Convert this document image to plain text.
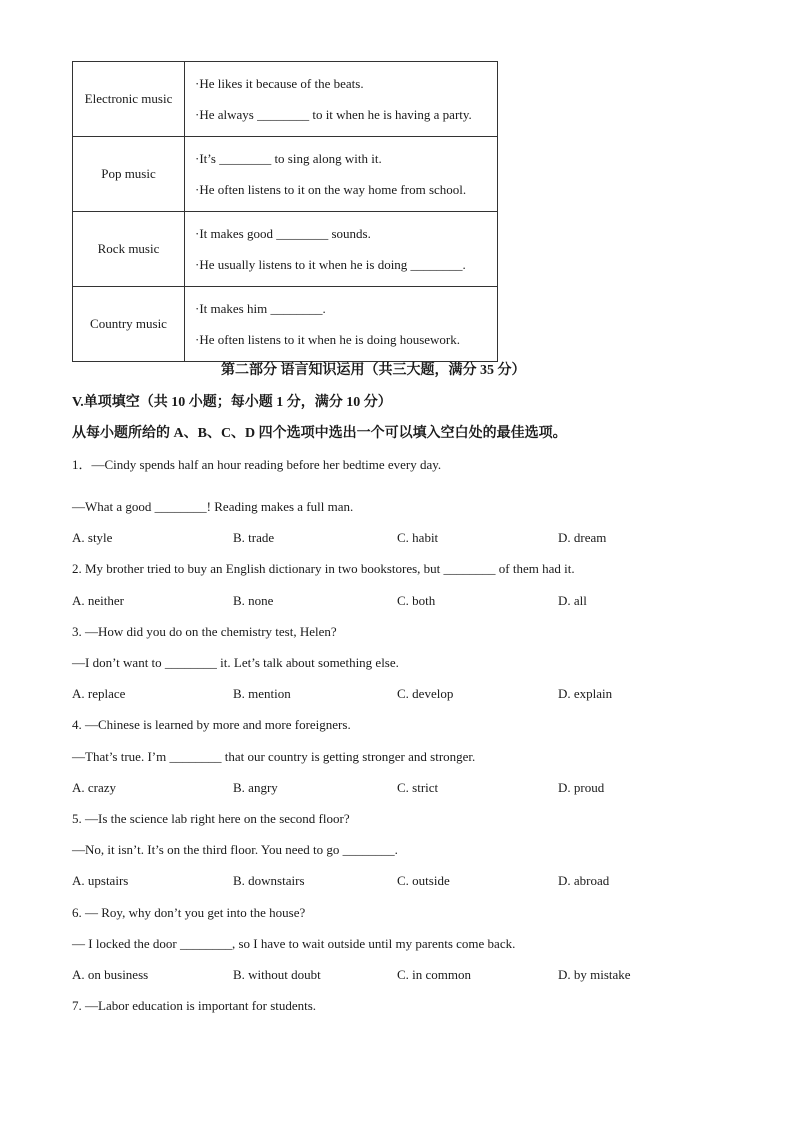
Electronic music	·He likes it because of the beats.
·He always ________ to it when he is having a party.

Pop music	·It’s ________ to sing along with it.
·He often listens to it on the way home from school.

Rock music	·It makes good ________ sounds.
·He usually listens to it when he is doing ________.

Country music	·It makes him ________.
·He often listens to it when he is doing housework.
第二部分 语言知识运用（共三大题，满分 35 分）
V.单项填空（共 10 小题；每小题 1 分，满分 10 分）
从每小题所给的 A、B、C、D 四个选项中选出一个可以填入空白处的最佳选项。
1．—Cindy spends half an hour reading before her bedtime every day.
—What a good ________! Reading makes a full man.
A. style	B. trade	C. habit	D. dream
2. My brother tried to buy an English dictionary in two bookstores, but ________ of them had it.
A. neither	B. none	C. both	D. all
3. —How did you do on the chemistry test, Helen?
—I don’t want to ________ it. Let’s talk about something else.
A. replace	B. mention	C. develop	D. explain
4. —Chinese is learned by more and more foreigners.
—That’s true. I’m ________ that our country is getting stronger and stronger.
A. crazy	B. angry	C. strict	D. proud
5. —Is the science lab right here on the second floor?
—No, it isn’t. It’s on the third floor. You need to go ________.
A. upstairs	B. downstairs	C. outside	D. abroad
6. — Roy, why don’t you get into the house?
— I locked the door ________, so I have to wait outside until my parents come back.
A. on business	B. without doubt	C. in common	D. by mistake
7. —Labor education is important for students.
